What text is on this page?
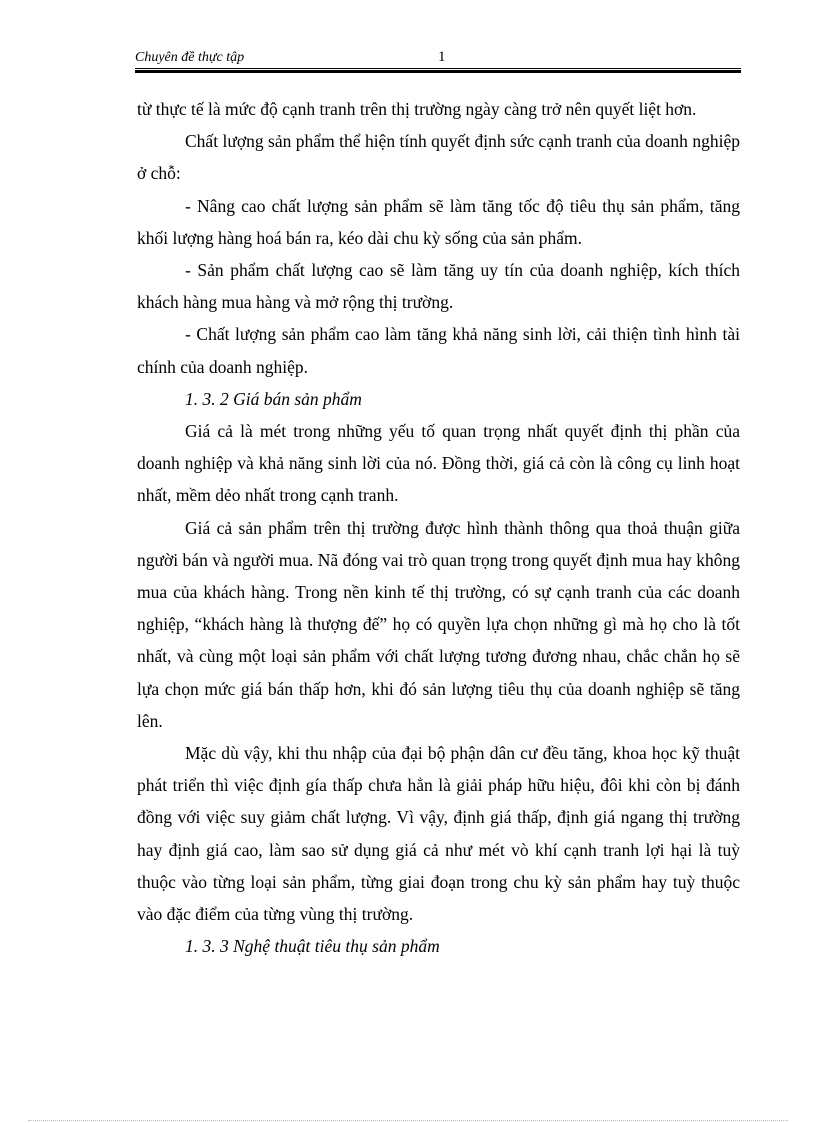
Chuyên đề thực tập	1

từ thực tế là mức độ cạnh tranh trên thị trường ngày càng trở nên quyết liệt hơn.

Chất lượng sản phẩm thể hiện tính quyết định sức cạnh tranh của doanh nghiệp ở chỗ:

- Nâng cao chất lượng sản phẩm sẽ làm tăng tốc độ tiêu thụ sản phẩm, tăng khối lượng hàng hoá bán ra, kéo dài chu kỳ sống của sản phẩm.

- Sản phẩm chất lượng cao sẽ làm tăng uy tín của doanh nghiệp, kích thích khách hàng mua hàng và mở rộng thị trường.

- Chất lượng sản phẩm cao làm tăng khả năng sinh lời, cải thiện tình hình tài chính của doanh nghiệp.

1. 3. 2 Giá bán sản phẩm

Giá cả là mét trong những yếu tố quan trọng nhất quyết định thị phần của doanh nghiệp và khả năng sinh lời của nó. Đồng thời, giá cả còn là công cụ linh hoạt nhất, mềm dẻo nhất trong cạnh tranh.

Giá cả sản phẩm trên thị trường được hình thành thông qua thoả thuận giữa người bán và người mua. Nã đóng vai trò quan trọng trong quyết định mua hay không mua của khách hàng. Trong nền kinh tế thị trường, có sự cạnh tranh của các doanh nghiệp, “khách hàng là thượng đế” họ có quyền lựa chọn những gì mà họ cho là tốt nhất, và cùng một loại sản phẩm với chất lượng tương đương nhau, chắc chắn họ sẽ lựa chọn mức giá bán thấp hơn, khi đó sản lượng tiêu thụ của doanh nghiệp sẽ tăng lên.

Mặc dù vậy, khi thu nhập của đại bộ phận dân cư đều tăng, khoa học kỹ thuật phát triển thì việc định gía thấp chưa hẳn là giải pháp hữu hiệu, đôi khi còn bị đánh đồng với việc suy giảm chất lượng. Vì vậy, định giá thấp, định giá ngang thị trường hay định giá cao, làm sao sử dụng giá cả như mét vò khí cạnh tranh lợi hại là tuỳ thuộc vào từng loại sản phẩm, từng giai đoạn trong chu kỳ sản phẩm hay tuỳ thuộc vào đặc điểm của từng vùng thị trường.

1. 3. 3 Nghệ thuật tiêu thụ sản phẩm
